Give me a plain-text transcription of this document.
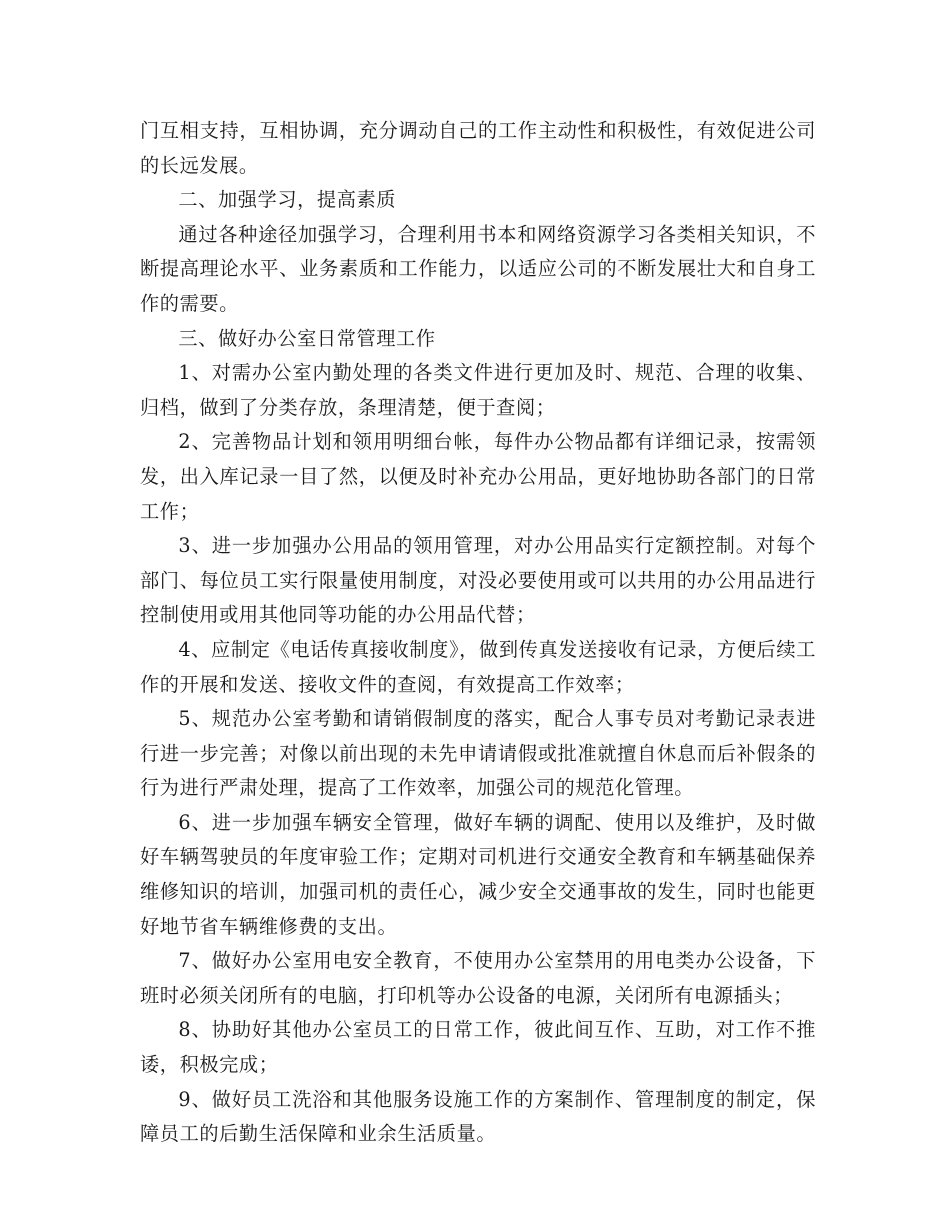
门互相支持，互相协调，充分调动自己的工作主动性和积极性，有效促进公司的长远发展。

二、加强学习，提高素质

通过各种途径加强学习，合理利用书本和网络资源学习各类相关知识，不断提高理论水平、业务素质和工作能力，以适应公司的不断发展壮大和自身工作的需要。

三、做好办公室日常管理工作

1、对需办公室内勤处理的各类文件进行更加及时、规范、合理的收集、归档，做到了分类存放，条理清楚，便于查阅；

2、完善物品计划和领用明细台帐，每件办公物品都有详细记录，按需领发，出入库记录一目了然，以便及时补充办公用品，更好地协助各部门的日常工作；

3、进一步加强办公用品的领用管理，对办公用品实行定额控制。对每个部门、每位员工实行限量使用制度，对没必要使用或可以共用的办公用品进行控制使用或用其他同等功能的办公用品代替；

4、应制定《电话传真接收制度》，做到传真发送接收有记录，方便后续工作的开展和发送、接收文件的查阅，有效提高工作效率；

5、规范办公室考勤和请销假制度的落实，配合人事专员对考勤记录表进行进一步完善；对像以前出现的未先申请请假或批准就擅自休息而后补假条的行为进行严肃处理，提高了工作效率，加强公司的规范化管理。

6、进一步加强车辆安全管理，做好车辆的调配、使用以及维护，及时做好车辆驾驶员的年度审验工作；定期对司机进行交通安全教育和车辆基础保养维修知识的培训，加强司机的责任心，减少安全交通事故的发生，同时也能更好地节省车辆维修费的支出。

7、做好办公室用电安全教育，不使用办公室禁用的用电类办公设备，下班时必须关闭所有的电脑，打印机等办公设备的电源，关闭所有电源插头；

8、协助好其他办公室员工的日常工作，彼此间互作、互助，对工作不推诿，积极完成；

9、做好员工洗浴和其他服务设施工作的方案制作、管理制度的制定，保障员工的后勤生活保障和业余生活质量。
